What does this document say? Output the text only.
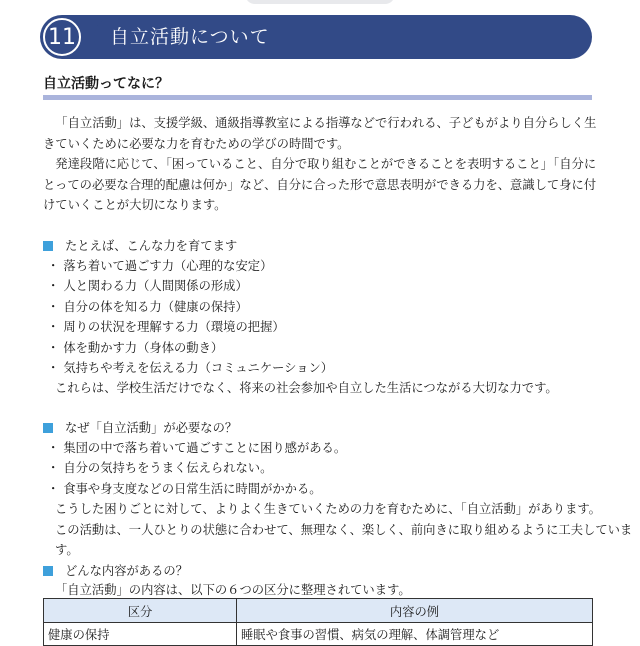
11 自立活動について
自立活動ってなに？

「自立活動」は、支援学級、通級指導教室による指導などで行われる、子どもがより自分らしく生きていくために必要な力を育むための学びの時間です。

発達段階に応じて、「困っていること、自分で取り組むことができることを表明すること」「自分にとっての必要な合理的配慮は何か」など、自分に合った形で意思表明ができる力を、意識して身に付けていくことが大切になります。

たとえば、こんな力を育てます
・ 落ち着いて過ごす力（心理的な安定）
・ 人と関わる力（人間関係の形成）
・ 自分の体を知る力（健康の保持）
・ 周りの状況を理解する力（環境の把握）
・ 体を動かす力（身体の動き）
・ 気持ちや考えを伝える力（コミュニケーション）
これらは、学校生活だけでなく、将来の社会参加や自立した生活につながる大切な力です。
なぜ「自立活動」が必要なの？
・ 集団の中で落ち着いて過ごすことに困り感がある。
・ 自分の気持ちをうまく伝えられない。
・ 食事や身支度などの日常生活に時間がかかる。
こうした困りごとに対して、よりよく生きていくための力を育むために、「自立活動」があります。
この活動は、一人ひとりの状態に合わせて、無理なく、楽しく、前向きに取り組めるように工夫しています。
どんな内容があるの？
「自立活動」の内容は、以下の６つの区分に整理されています。
区分	内容の例
健康の保持	睡眠や食事の習慣、病気の理解、体調管理など
